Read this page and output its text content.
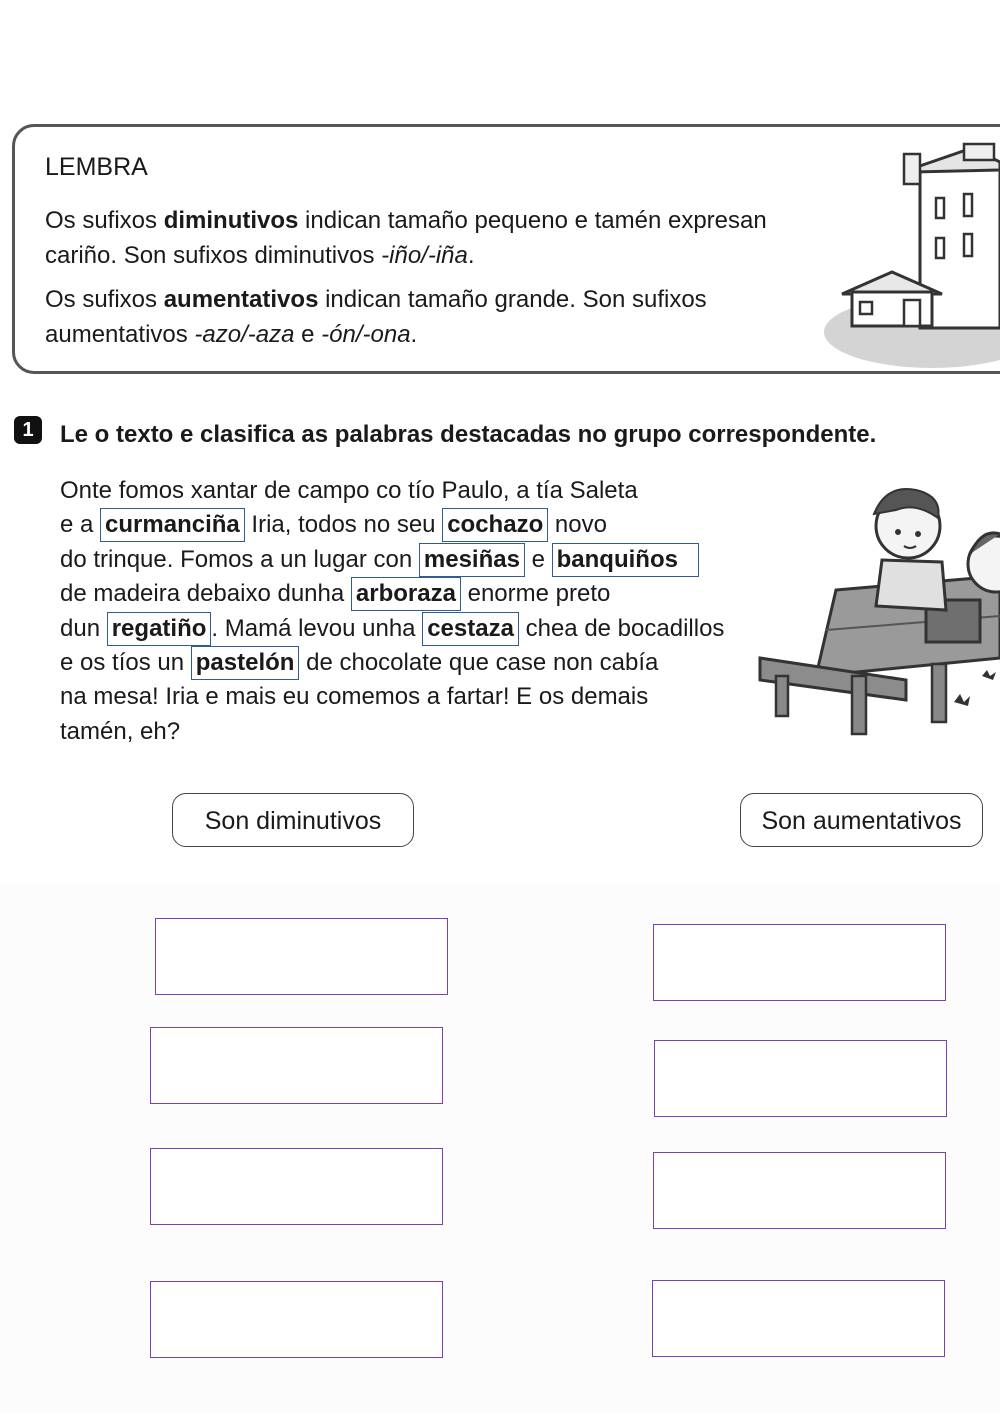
LEMBRA
Os sufixos diminutivos indican tamaño pequeno e tamén expresan
cariño. Son sufixos diminutivos -iño/-iña.
Os sufixos aumentativos indican tamaño grande. Son sufixos
aumentativos -azo/-aza e -ón/-ona.
1	Le o texto e clasifica as palabras destacadas no grupo correspondente.
Onte fomos xantar de campo co tío Paulo, a tía Saleta
e a curmanciña Iria, todos no seu cochazo novo
do trinque. Fomos a un lugar con mesiñas e banquiños
de madeira debaixo dunha arboraza enorme preto
dun regatiño . Mamá levou unha cestaza chea de bocadillos
e os tíos un pastelón de chocolate que case non cabía
na mesa! Iria e mais eu comemos a fartar! E os demais
tamén, eh?
Son diminutivos	Son aumentativos
